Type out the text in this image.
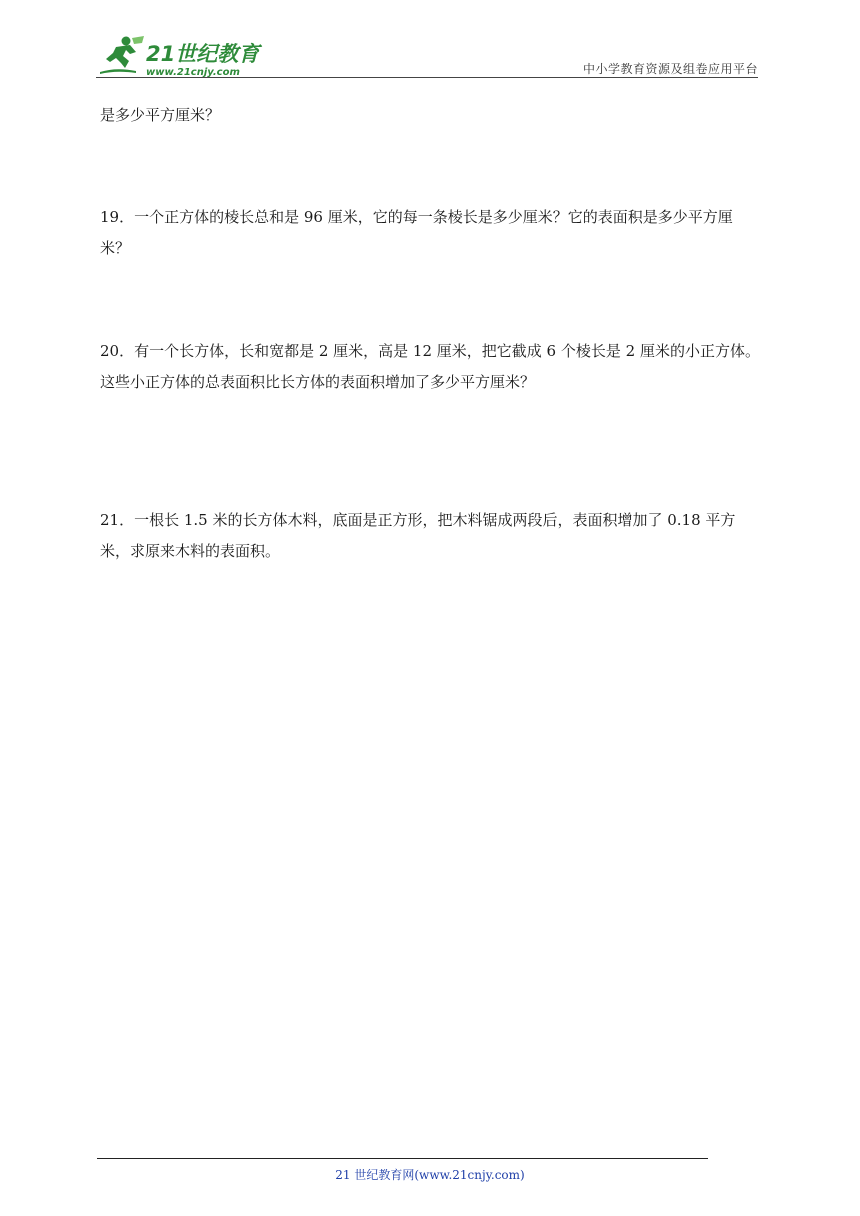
21世纪教育
www.21cnjy.com	中小学教育资源及组卷应用平台

是多少平方厘米？

19．一个正方体的棱长总和是 96 厘米，它的每一条棱长是多少厘米？它的表面积是多少平方厘米？

20．有一个长方体，长和宽都是 2 厘米，高是 12 厘米，把它截成 6 个棱长是 2 厘米的小正方体。这些小正方体的总表面积比长方体的表面积增加了多少平方厘米？

21．一根长 1.5 米的长方体木料，底面是正方形，把木料锯成两段后，表面积增加了 0.18 平方米，求原来木料的表面积。

21 世纪教育网(www.21cnjy.com)
